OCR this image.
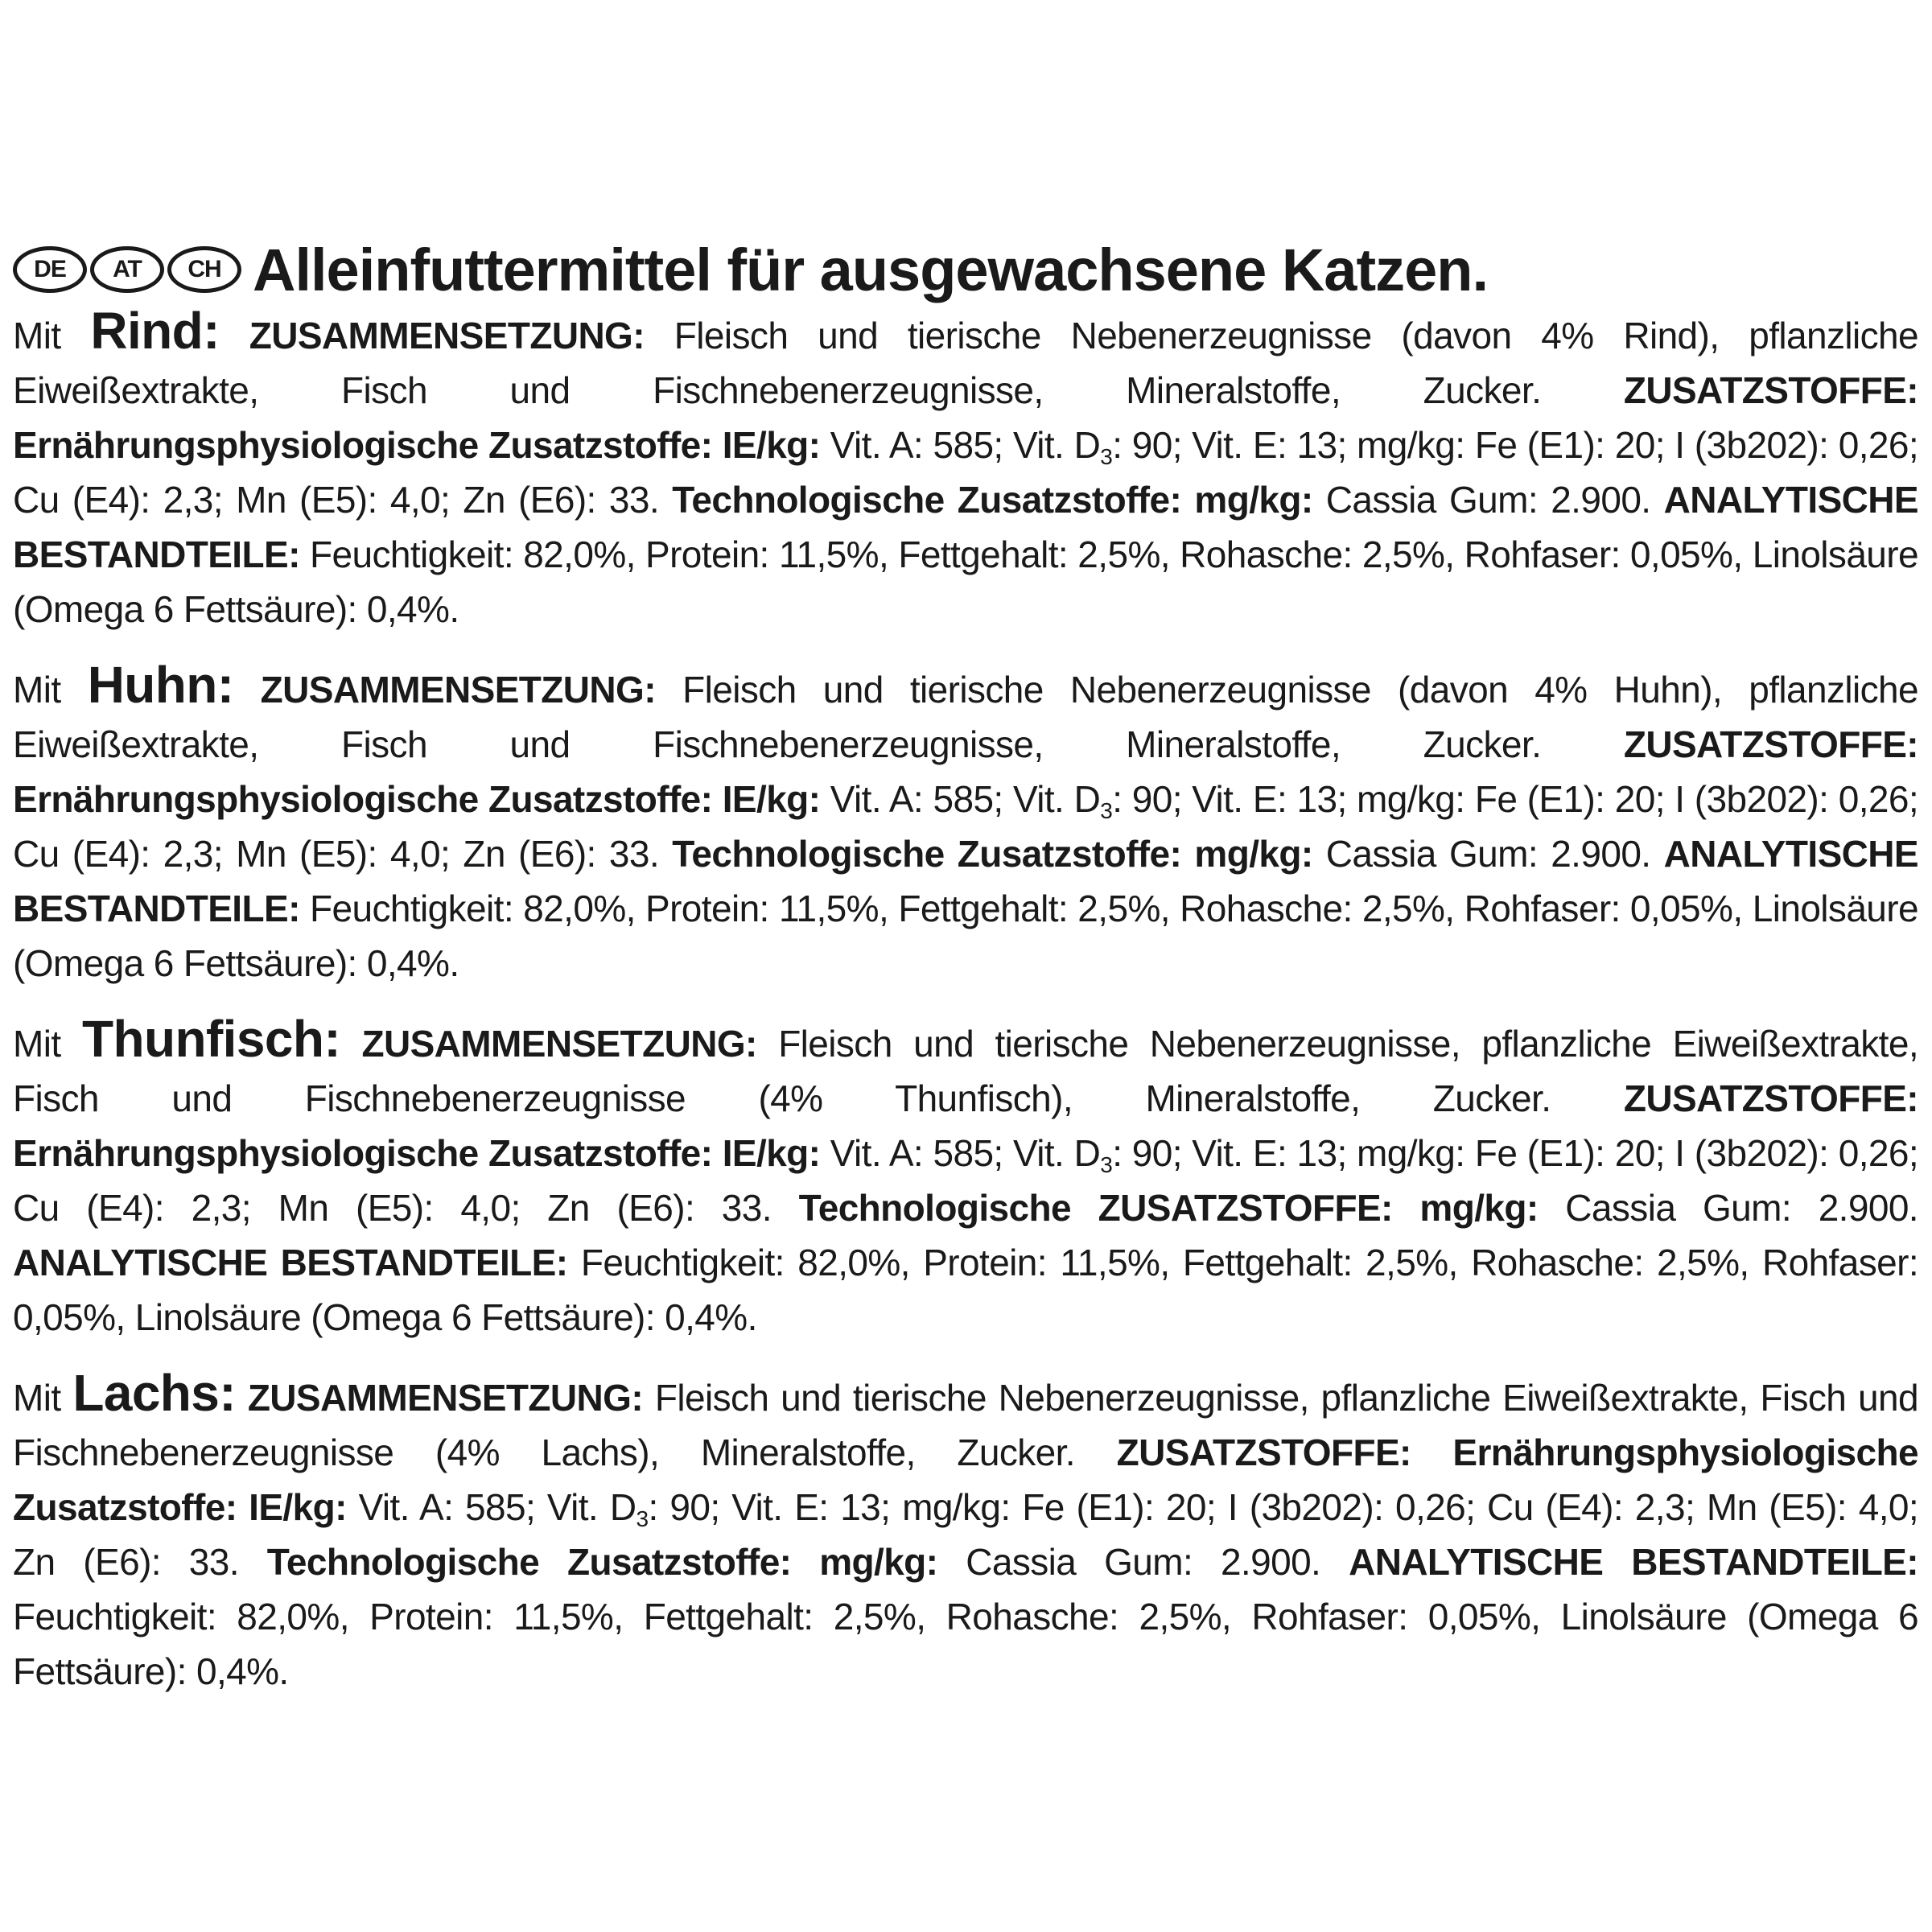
DE	AT	CH Alleinfuttermittel für ausgewachsene Katzen.
Mit Rind: ZUSAMMENSETZUNG: Fleisch und tierische Nebenerzeugnisse (davon 4% Rind), pflanzliche Eiweißextrakte, Fisch und Fischnebenerzeugnisse, Mineralstoffe, Zucker. ZUSATZSTOFFE: Ernährungsphysiologische Zusatzstoffe: IE/kg: Vit. A: 585; Vit. $D_3$: 90; Vit. E: 13; mg/kg: Fe (E1): 20; I (3b202): 0,26; Cu (E4): 2,3; Mn (E5): 4,0; Zn (E6): 33. Technologische Zusatzstoffe: mg/kg: Cassia Gum: 2.900. ANALYTISCHE BESTANDTEILE: Feuchtigkeit: 82,0%, Protein: 11,5%, Fettgehalt: 2,5%, Rohasche: 2,5%, Rohfaser: 0,05%, Linolsäure (Omega 6 Fettsäure): 0,4%.
Mit Huhn: ZUSAMMENSETZUNG: Fleisch und tierische Nebenerzeugnisse (davon 4% Huhn), pflanzliche Eiweißextrakte, Fisch und Fischnebenerzeugnisse, Mineralstoffe, Zucker. ZUSATZSTOFFE: Ernährungsphysiologische Zusatzstoffe: IE/kg: Vit. A: 585; Vit. $D_3$: 90; Vit. E: 13; mg/kg: Fe (E1): 20; I (3b202): 0,26; Cu (E4): 2,3; Mn (E5): 4,0; Zn (E6): 33. Technologische Zusatzstoffe: mg/kg: Cassia Gum: 2.900. ANALYTISCHE BESTANDTEILE: Feuchtigkeit: 82,0%, Protein: 11,5%, Fettgehalt: 2,5%, Rohasche: 2,5%, Rohfaser: 0,05%, Linolsäure (Omega 6 Fettsäure): 0,4%.
Mit Thunfisch: ZUSAMMENSETZUNG: Fleisch und tierische Nebenerzeugnisse, pflanzliche Eiweißextrakte, Fisch und Fischnebenerzeugnisse (4% Thunfisch), Mineralstoffe, Zucker. ZUSATZSTOFFE: Ernährungsphysiologische Zusatzstoffe: IE/kg: Vit. A: 585; Vit. $D_3$: 90; Vit. E: 13; mg/kg: Fe (E1): 20; I (3b202): 0,26; Cu (E4): 2,3; Mn (E5): 4,0; Zn (E6): 33. Technologische ZUSATZSTOFFE: mg/kg: Cassia Gum: 2.900. ANALYTISCHE BESTANDTEILE: Feuchtigkeit: 82,0%, Protein: 11,5%, Fettgehalt: 2,5%, Rohasche: 2,5%, Rohfaser: 0,05%, Linolsäure (Omega 6 Fettsäure): 0,4%.
Mit Lachs: ZUSAMMENSETZUNG: Fleisch und tierische Nebenerzeugnisse, pflanzliche Eiweißextrakte, Fisch und Fischnebenerzeugnisse (4% Lachs), Mineralstoffe, Zucker. ZUSATZSTOFFE: Ernährungsphysiologische Zusatzstoffe: IE/kg: Vit. A: 585; Vit. $D_3$: 90; Vit. E: 13; mg/kg: Fe (E1): 20; I (3b202): 0,26; Cu (E4): 2,3; Mn (E5): 4,0; Zn (E6): 33. Technologische Zusatzstoffe: mg/kg: Cassia Gum: 2.900. ANALYTISCHE BESTANDTEILE: Feuchtigkeit: 82,0%, Protein: 11,5%, Fettgehalt: 2,5%, Rohasche: 2,5%, Rohfaser: 0,05%, Linolsäure (Omega 6 Fettsäure): 0,4%.
